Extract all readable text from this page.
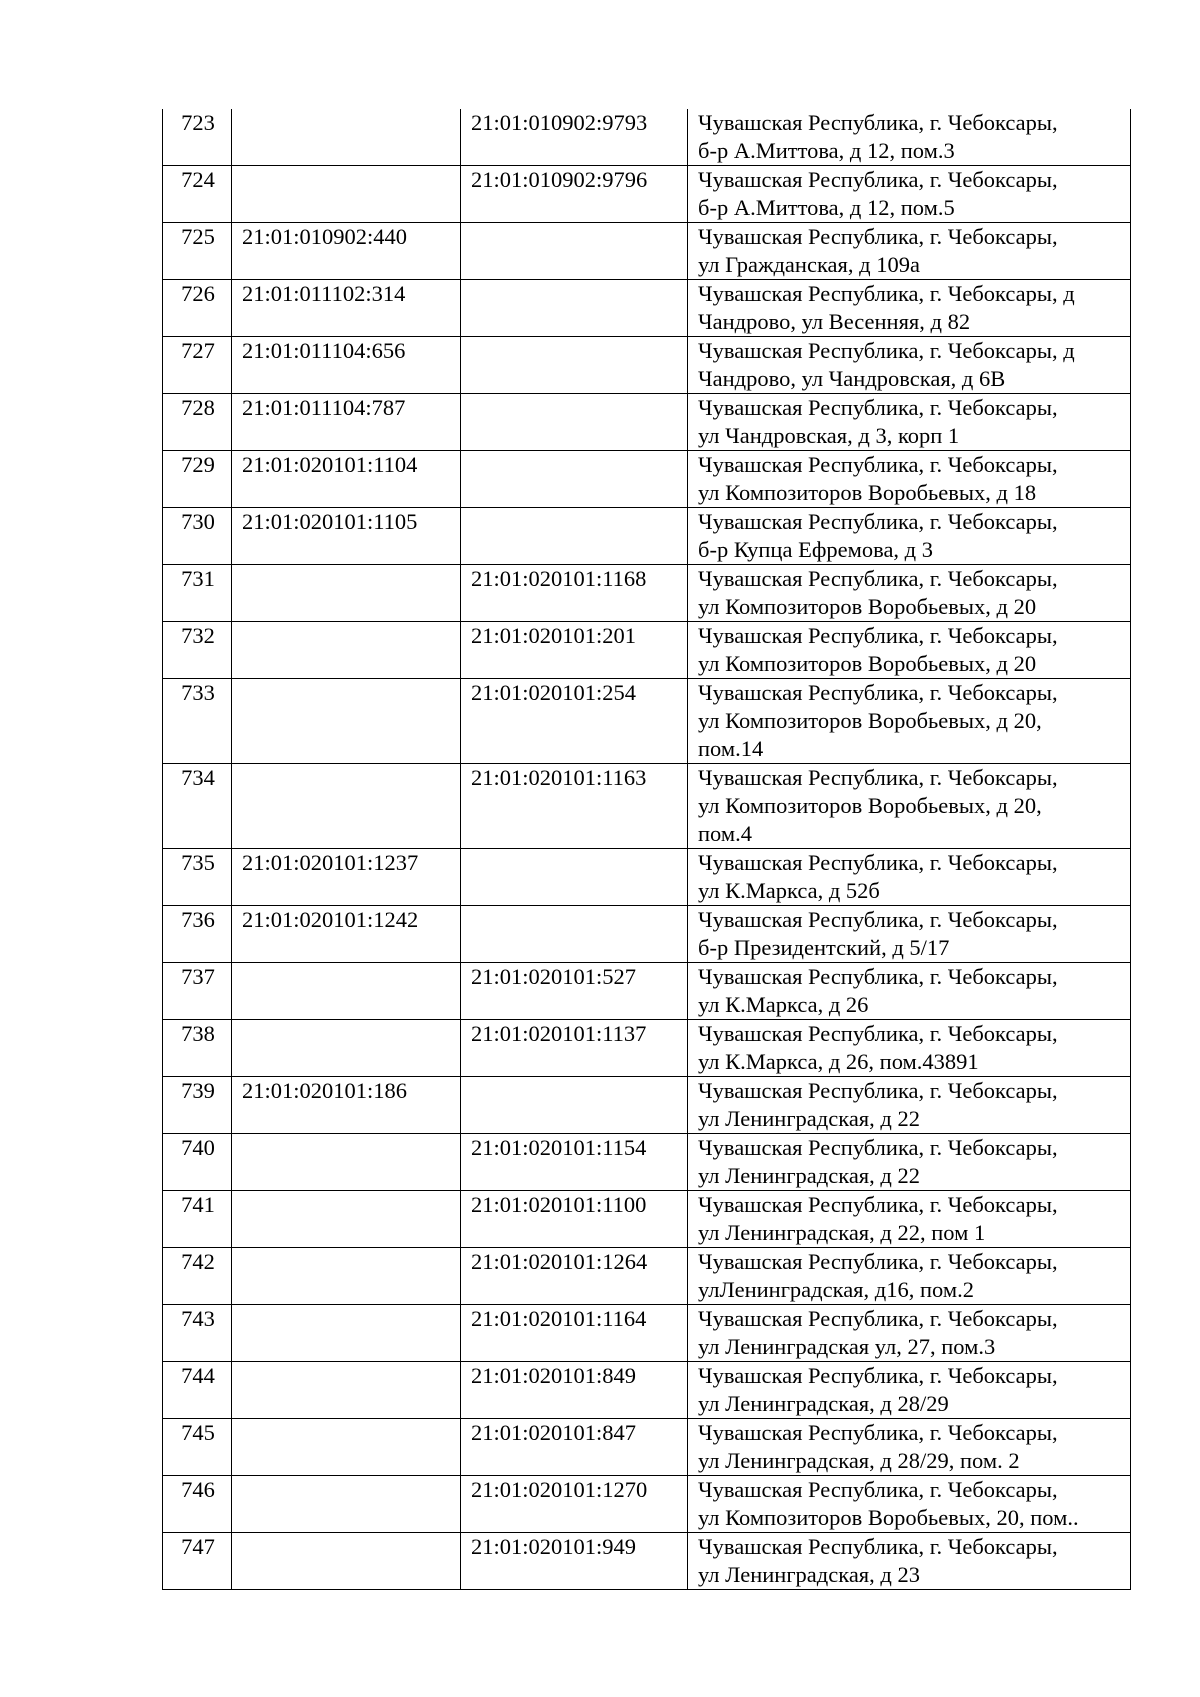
723		21:01:010902:9793	Чувашская Республика, г. Чебоксары,
б-р А.Миттова, д 12, пом.3
724		21:01:010902:9796	Чувашская Республика, г. Чебоксары,
б-р А.Миттова, д 12, пом.5
725	21:01:010902:440		Чувашская Республика, г. Чебоксары,
ул Гражданская, д 109а
726	21:01:011102:314		Чувашская Республика, г. Чебоксары, д
Чандрово, ул Весенняя, д 82
727	21:01:011104:656		Чувашская Республика, г. Чебоксары, д
Чандрово, ул Чандровская, д 6В
728	21:01:011104:787		Чувашская Республика, г. Чебоксары,
ул Чандровская, д 3, корп 1
729	21:01:020101:1104		Чувашская Республика, г. Чебоксары,
ул Композиторов Воробьевых, д 18
730	21:01:020101:1105		Чувашская Республика, г. Чебоксары,
б-р Купца Ефремова, д 3
731		21:01:020101:1168	Чувашская Республика, г. Чебоксары,
ул Композиторов Воробьевых, д 20
732		21:01:020101:201	Чувашская Республика, г. Чебоксары,
ул Композиторов Воробьевых, д 20
733		21:01:020101:254	Чувашская Республика, г. Чебоксары,
ул Композиторов Воробьевых, д 20,
пом.14
734		21:01:020101:1163	Чувашская Республика, г. Чебоксары,
ул Композиторов Воробьевых, д 20,
пом.4
735	21:01:020101:1237		Чувашская Республика, г. Чебоксары,
ул К.Маркса, д 52б
736	21:01:020101:1242		Чувашская Республика, г. Чебоксары,
б-р Президентский, д 5/17
737		21:01:020101:527	Чувашская Республика, г. Чебоксары,
ул К.Маркса, д 26
738		21:01:020101:1137	Чувашская Республика, г. Чебоксары,
ул К.Маркса, д 26, пом.43891
739	21:01:020101:186		Чувашская Республика, г. Чебоксары,
ул Ленинградская, д 22
740		21:01:020101:1154	Чувашская Республика, г. Чебоксары,
ул Ленинградская, д 22
741		21:01:020101:1100	Чувашская Республика, г. Чебоксары,
ул Ленинградская, д 22, пом 1
742		21:01:020101:1264	Чувашская Республика, г. Чебоксары,
улЛенинградская, д16, пом.2
743		21:01:020101:1164	Чувашская Республика, г. Чебоксары,
ул Ленинградская ул, 27, пом.3
744		21:01:020101:849	Чувашская Республика, г. Чебоксары,
ул Ленинградская, д 28/29
745		21:01:020101:847	Чувашская Республика, г. Чебоксары,
ул Ленинградская, д 28/29, пом. 2
746		21:01:020101:1270	Чувашская Республика, г. Чебоксары,
ул Композиторов Воробьевых, 20, пом..
747		21:01:020101:949	Чувашская Республика, г. Чебоксары,
ул Ленинградская, д 23
